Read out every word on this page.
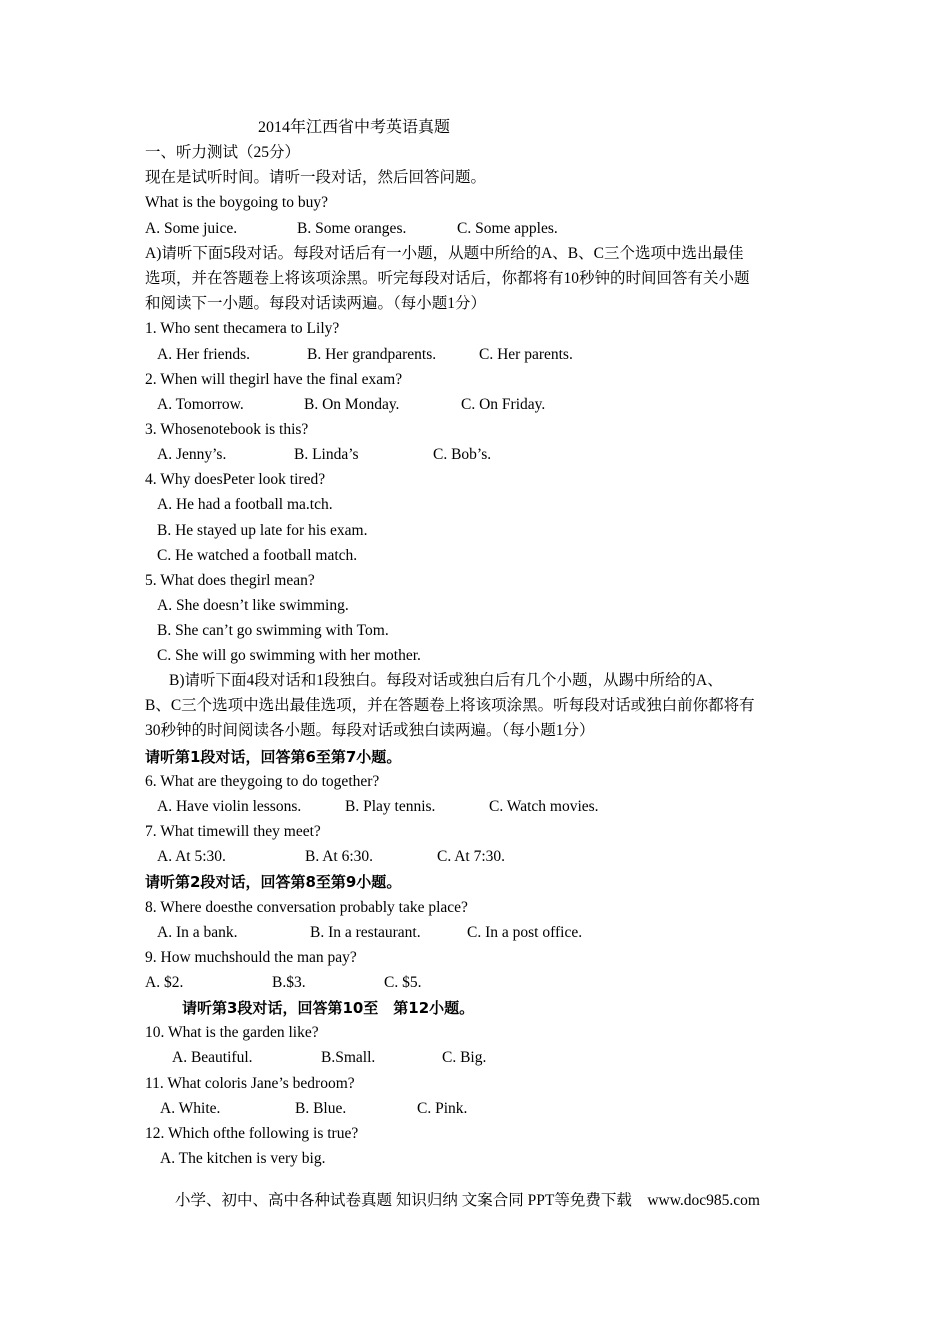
2014年江西省中考英语真题
一、听力测试（25分）
现在是试听时间。请听一段对话，然后回答问题。
What is the boygoing to buy?
A. Some juice.	B. Some oranges.	C. Some apples.
A)请听下面5段对话。每段对话后有一小题，从题中所给的A、B、C三个选项中选出最佳
选项，并在答题卷上将该项涂黑。听完每段对话后，你都将有10秒钟的时间回答有关小题
和阅读下一小题。每段对话读两遍。（每小题1分）
1. Who sent thecamera to Lily?
A. Her friends.	B. Her grandparents.	C. Her parents.
2. When will thegirl have the final exam?
A. Tomorrow.	B. On Monday.	C. On Friday.
3. Whosenotebook is this?
A. Jenny’s.	B. Linda’s	C. Bob’s.
4. Why doesPeter look tired?
A. He had a football ma.tch.
B. He stayed up late for his exam.
C. He watched a football match.
5. What does thegirl mean?
A. She doesn’t like swimming.
B. She can’t go swimming with Tom.
C. She will go swimming with her mother.
B)请听下面4段对话和1段独白。每段对话或独白后有几个小题，从踢中所给的A、
B、C三个选项中选出最佳选项，并在答题卷上将该项涂黑。听每段对话或独白前你都将有
30秒钟的时间阅读各小题。每段对话或独白读两遍。（每小题1分）
请听第1段对话，回答第6至第7小题。
6. What are theygoing to do together?
A. Have violin lessons.	B. Play tennis.	C. Watch movies.
7. What timewill they meet?
A. At 5:30.	B. At 6:30.	C. At 7:30.
请听第2段对话，回答第8至第9小题。
8. Where doesthe conversation probably take place?
A. In a bank.	B. In a restaurant.	C. In a post office.
9. How muchshould the man pay?
A. $2.	B.$3.	C. $5.
请听第3段对话，回答第10至　第12小题。
10. What is the garden like?
A. Beautiful.	B.Small.	C. Big.
11. What coloris Jane’s bedroom?
A. White.	B. Blue.	C. Pink.
12. Which ofthe following is true?
A. The kitchen is very big.
小学、初中、高中各种试卷真题 知识归纳 文案合同 PPT等免费下载　www.doc985.com
